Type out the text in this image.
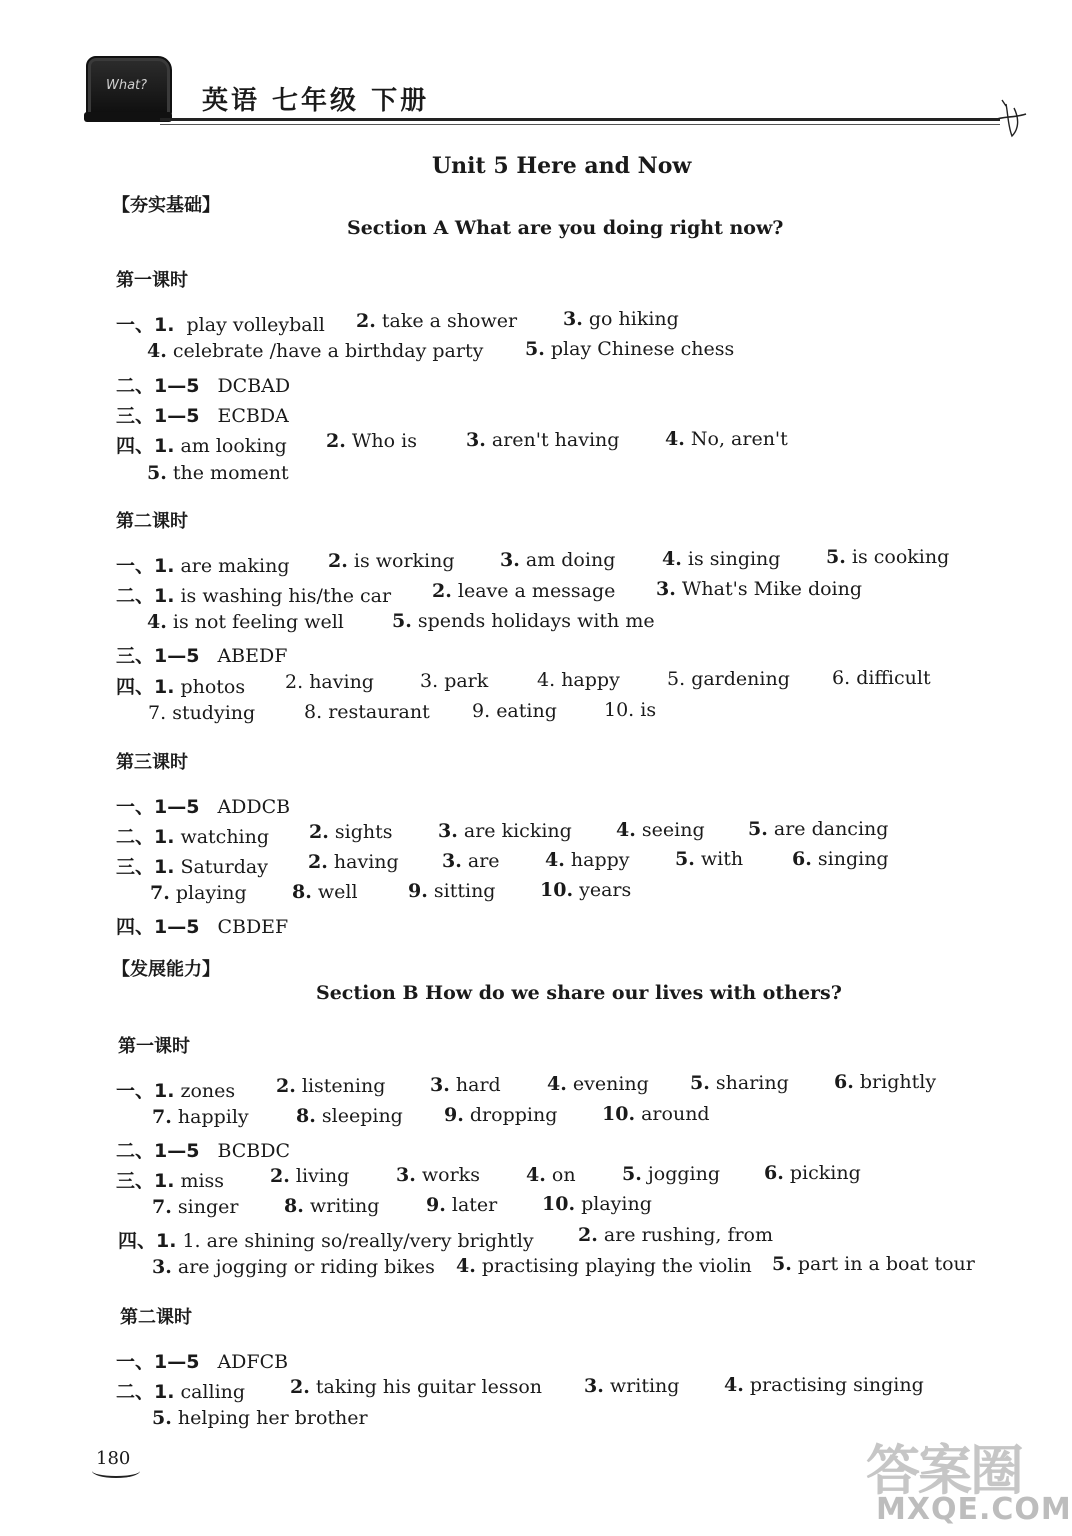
What?
英语 七年级 下册
Unit 5 Here and Now
【夯实基础】
Section A What are you doing right now?
第一课时
一、1. play volleyball 2. take a shower 3. go hiking
4. celebrate /have a birthday party 5. play Chinese chess
二、1—5 DCBAD
三、1—5 ECBDA
四、1. am looking 2. Who is	3. aren't having 4. No, aren't
5. the moment
第二课时
一、1. are making 2. is working 3. am doing 4. is singing 5. is cooking
二、1. is washing his/the car 2. leave a message 3. What's Mike doing
4. is not feeling well	5. spends holidays with me
三、1—5 ABEDF
四、1. photos 2. having 3. park	4. happy 5. gardening 6. difficult
7. studying	8. restaurant 9. eating 10. is
第三课时
一、1—5 ADDCB
二、1. watching 2. sights 3. are kicking 4. seeing 5. are dancing
三、1. Saturday 2. having 3. are 4. happy 5. with	6. singing
7. playing 8. well	9. sitting 10. years
四、1—5 CBDEF
【发展能力】
Section B How do we share our lives with others?
第一课时
一、1. zones 2. listening 3. hard 4. evening 5. sharing 6. brightly
7. happily 8. sleeping 9. dropping 10. around
二、1—5 BCBDC
三、1. miss 2. living 3. works 4. on 5. jogging 6. picking
7. singer 8. writing 9. later 10. playing
四、1. 1. are shining so/really/very brightly 2. are rushing, from
3. are jogging or riding bikes 4. practising playing the violin 5. part in a boat tour
第二课时
一、1—5 ADFCB
二、1. calling 2. taking his guitar lesson 3. writing 4. practising singing
5. helping her brother
180	答案圈
MXQE.COM
